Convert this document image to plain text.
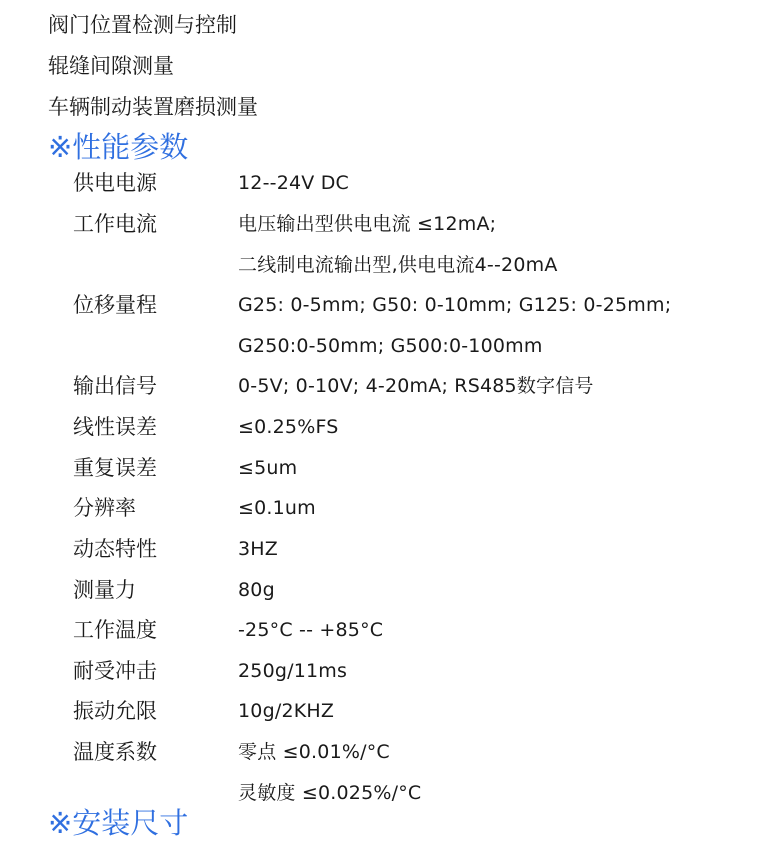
阀门位置检测与控制
辊缝间隙测量
车辆制动装置磨损测量
※性能参数
供电电源	12--24V DC
工作电流	电压输出型供电电流 ≤12mA;
二线制电流输出型,供电电流4--20mA
位移量程	G25: 0-5mm; G50: 0-10mm; G125: 0-25mm;
G250:0-50mm; G500:0-100mm
输出信号	0-5V; 0-10V; 4-20mA; RS485数字信号
线性误差	≤0.25%FS
重复误差	≤5um
分辨率	≤0.1um
动态特性	3HZ
测量力	80g
工作温度	-25°C -- +85°C
耐受冲击	250g/11ms
振动允限	10g/2KHZ
温度系数	零点 ≤0.01%/°C
灵敏度 ≤0.025%/°C
※安装尺寸
